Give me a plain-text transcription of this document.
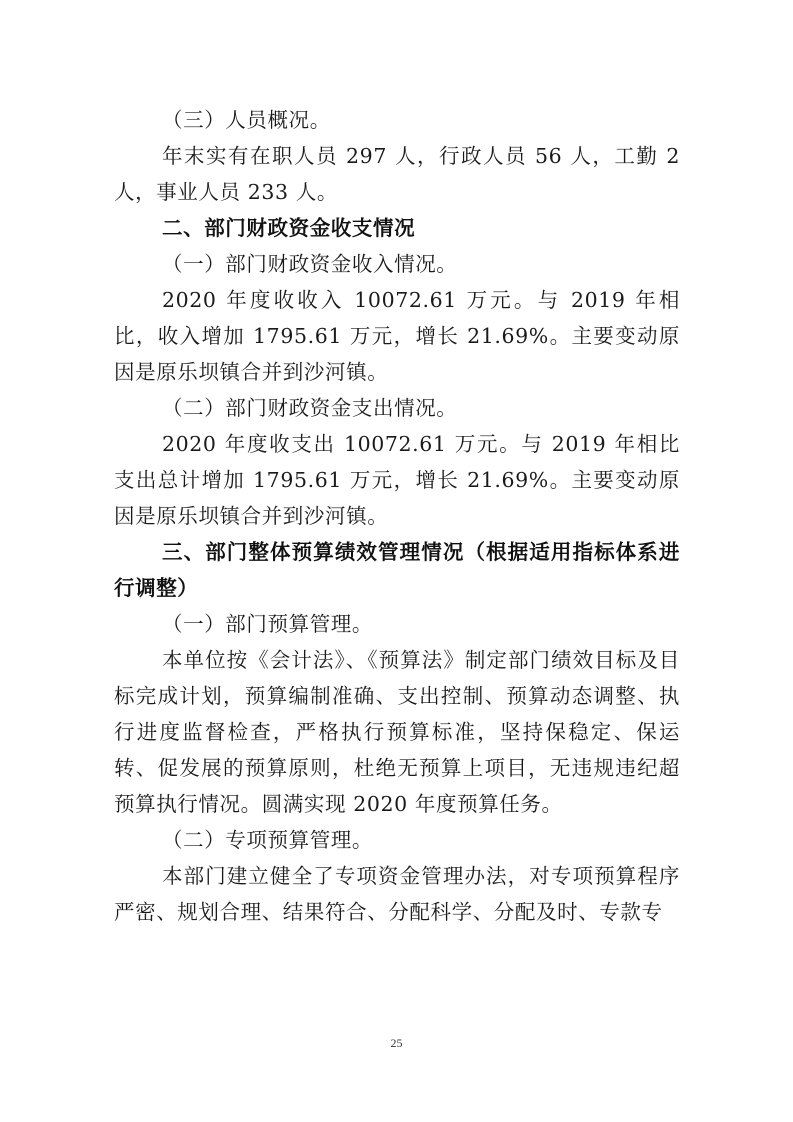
（三）人员概况。

年末实有在职人员 297 人，行政人员 56 人，工勤 2 人，事业人员 233 人。

二、部门财政资金收支情况

（一）部门财政资金收入情况。

2020 年度收收入 10072.61 万元。与 2019 年相比，收入增加 1795.61 万元，增长 21.69%。主要变动原因是原乐坝镇合并到沙河镇。

（二）部门财政资金支出情况。

2020 年度收支出 10072.61 万元。与 2019 年相比支出总计增加 1795.61 万元，增长 21.69%。主要变动原因是原乐坝镇合并到沙河镇。

三、部门整体预算绩效管理情况（根据适用指标体系进行调整）

（一）部门预算管理。

本单位按《会计法》、《预算法》制定部门绩效目标及目标完成计划，预算编制准确、支出控制、预算动态调整、执行进度监督检查，严格执行预算标准，坚持保稳定、保运转、促发展的预算原则，杜绝无预算上项目，无违规违纪超预算执行情况。圆满实现 2020 年度预算任务。

（二）专项预算管理。

本部门建立健全了专项资金管理办法，对专项预算程序严密、规划合理、结果符合、分配科学、分配及时、专款专

25
